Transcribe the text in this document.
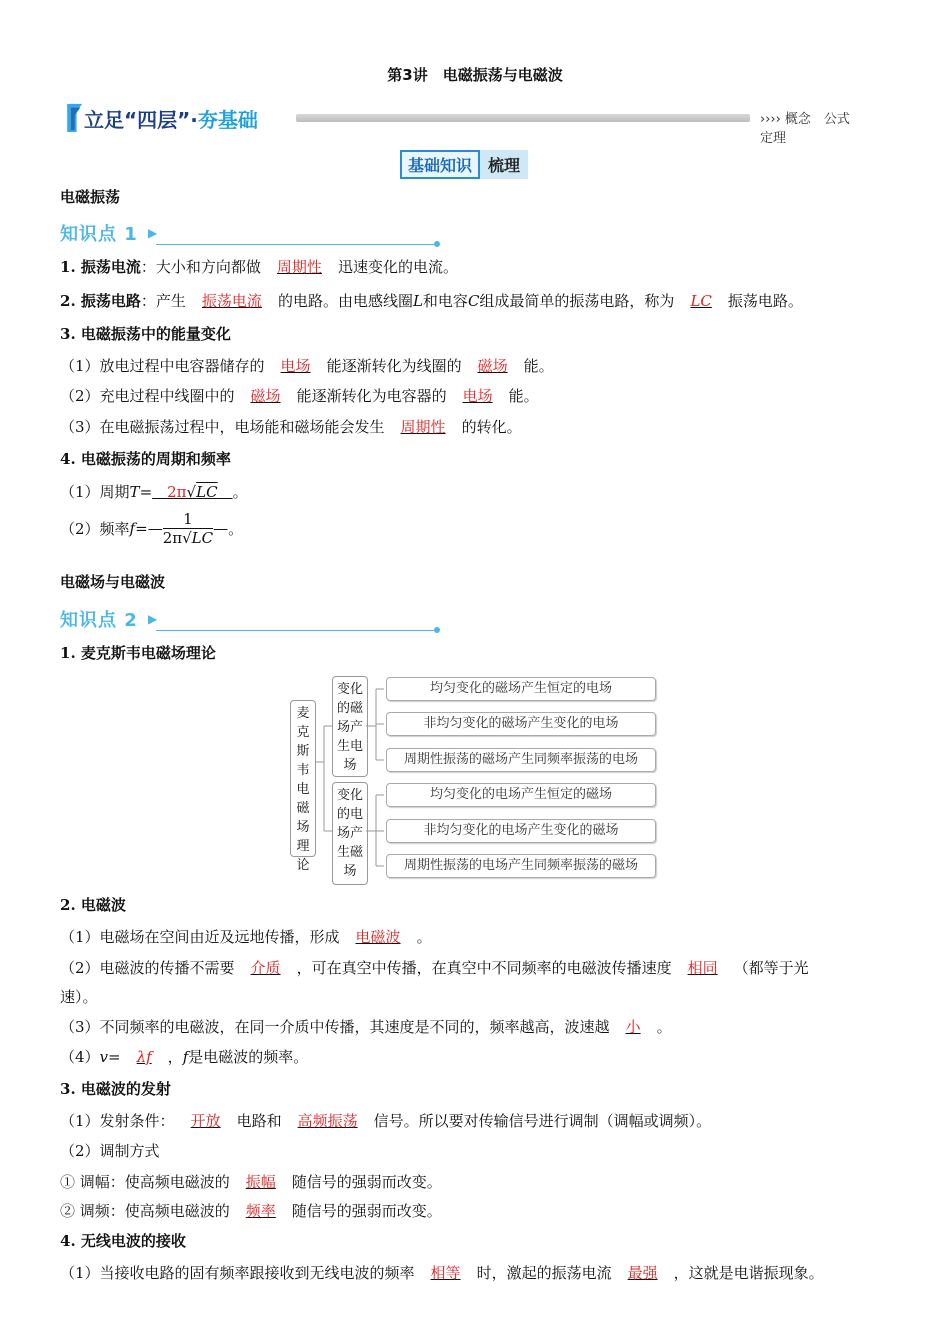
第3讲　电磁振荡与电磁波
立足“四层”·夯基础	›››› 概念　公式　定理
基础知识 梳理
电磁振荡
知识点 1 ▶
1. 振荡电流：大小和方向都做 周期性 迅速变化的电流。
2. 振荡电路：产生 振荡电流 的电路。由电感线圈L和电容C组成最简单的振荡电路，称为 LC 振荡电路。
3. 电磁振荡中的能量变化
（1）放电过程中电容器储存的 电场 能逐渐转化为线圈的 磁场 能。
（2）充电过程中线圈中的 磁场 能逐渐转化为电容器的 电场 能。
（3）在电磁振荡过程中，电场能和磁场能会发生 周期性 的转化。
4. 电磁振荡的周期和频率
（1）周期T=  2π√LC  。
（2）频率f=— $\frac{1}{2\pi√LC}$ —。
电磁场与电磁波
知识点 2 ▶
1. 麦克斯韦电磁场理论
麦克斯韦电磁场理论
变化的磁场产生电场
变化的电场产生磁场
均匀变化的磁场产生恒定的电场
非均匀变化的磁场产生变化的电场
周期性振荡的磁场产生同频率振荡的电场
均匀变化的电场产生恒定的磁场
非均匀变化的电场产生变化的磁场
周期性振荡的电场产生同频率振荡的磁场
2. 电磁波
（1）电磁场在空间由近及远地传播，形成 电磁波 。
（2）电磁波的传播不需要 介质 ，可在真空中传播，在真空中不同频率的电磁波传播速度 相同 （都等于光
速）。
（3）不同频率的电磁波，在同一介质中传播，其速度是不同的，频率越高，波速越 小 。
（4）v= λf ，f是电磁波的频率。
3. 电磁波的发射
（1）发射条件： 开放 电路和 高频振荡 信号。所以要对传输信号进行调制（调幅或调频）。
（2）调制方式
① 调幅：使高频电磁波的 振幅 随信号的强弱而改变。
② 调频：使高频电磁波的 频率 随信号的强弱而改变。
4. 无线电波的接收
（1）当接收电路的固有频率跟接收到无线电波的频率 相等 时，激起的振荡电流 最强 ，这就是电谐振现象。
